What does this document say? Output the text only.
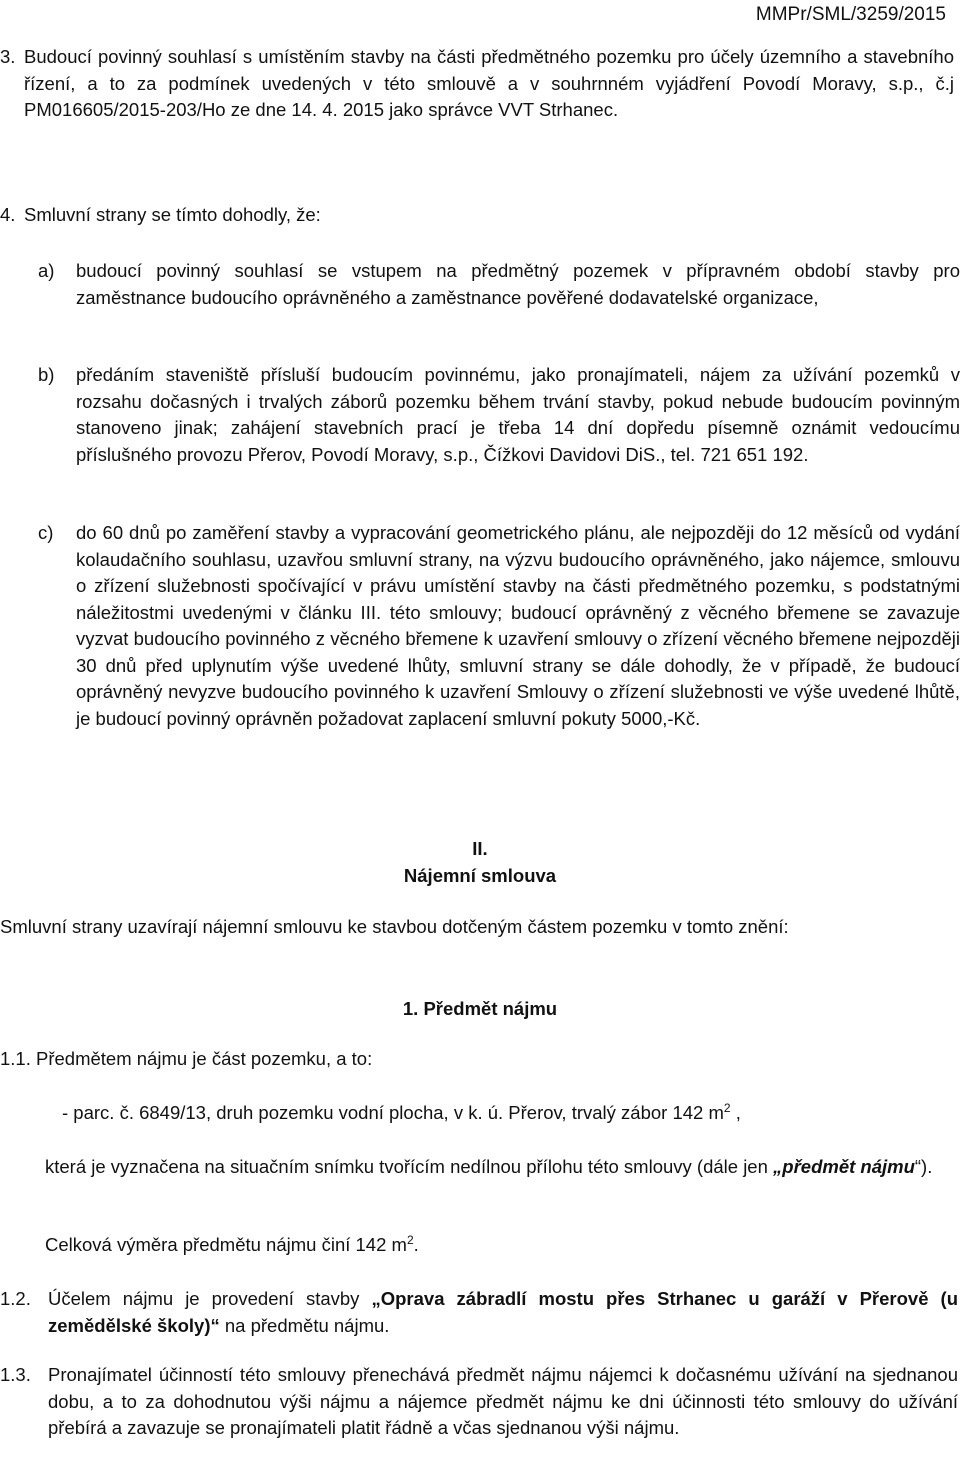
MMPr/SML/3259/2015
3. Budoucí povinný souhlasí s umístěním stavby na části předmětného pozemku pro účely územního a stavebního řízení, a to za podmínek uvedených v této smlouvě a v souhrnném vyjádření Povodí Moravy, s.p., č.j PM016605/2015-203/Ho ze dne 14. 4. 2015 jako správce VVT Strhanec.

4. Smluvní strany se tímto dohodly, že:

a) budoucí povinný souhlasí se vstupem na předmětný pozemek v přípravném období stavby pro zaměstnance budoucího oprávněného a zaměstnance pověřené dodavatelské organizace,

b) předáním staveniště přísluší budoucím povinnému, jako pronajímateli, nájem za užívání pozemků v rozsahu dočasných i trvalých záborů pozemku během trvání stavby, pokud nebude budoucím povinným stanoveno jinak; zahájení stavebních prací je třeba 14 dní dopředu písemně oznámit vedoucímu příslušného provozu Přerov, Povodí Moravy, s.p., Čížkovi Davidovi DiS., tel. 721 651 192.

c) do 60 dnů po zaměření stavby a vypracování geometrického plánu, ale nejpozději do 12 měsíců od vydání kolaudačního souhlasu, uzavřou smluvní strany, na výzvu budoucího oprávněného, jako nájemce, smlouvu o zřízení služebnosti spočívající v právu umístění stavby na části předmětného pozemku, s podstatnými náležitostmi uvedenými v článku III. této smlouvy; budoucí oprávněný z věcného břemene se zavazuje vyzvat budoucího povinného z věcného břemene k uzavření smlouvy o zřízení věcného břemene nejpozději 30 dnů před uplynutím výše uvedené lhůty, smluvní strany se dále dohodly, že v případě, že budoucí oprávněný nevyzve budoucího povinného k uzavření Smlouvy o zřízení služebnosti ve výše uvedené lhůtě, je budoucí povinný oprávněn požadovat zaplacení smluvní pokuty 5000,-Kč.

II.
Nájemní smlouva

Smluvní strany uzavírají nájemní smlouvu ke stavbou dotčeným částem pozemku v tomto znění:

1. Předmět nájmu
1.1. Předmětem nájmu je část pozemku, a to:
- parc. č. 6849/13, druh pozemku vodní plocha, v k. ú. Přerov, trvalý zábor 142 $m^2$ ,

která je vyznačena na situačním snímku tvořícím nedílnou přílohu této smlouvy (dále jen „předmět nájmu“).

Celková výměra předmětu nájmu činí 142 $m^2$.
1.2. Účelem nájmu je provedení stavby „Oprava zábradlí mostu přes Strhanec u garáží v Přerově (u zemědělské školy)“ na předmětu nájmu.

1.3. Pronajímatel účinností této smlouvy přenechává předmět nájmu nájemci k dočasnému užívání na sjednanou dobu, a to za dohodnutou výši nájmu a nájemce předmět nájmu ke dni účinnosti této smlouvy do užívání přebírá a zavazuje se pronajímateli platit řádně a včas sjednanou výši nájmu.
